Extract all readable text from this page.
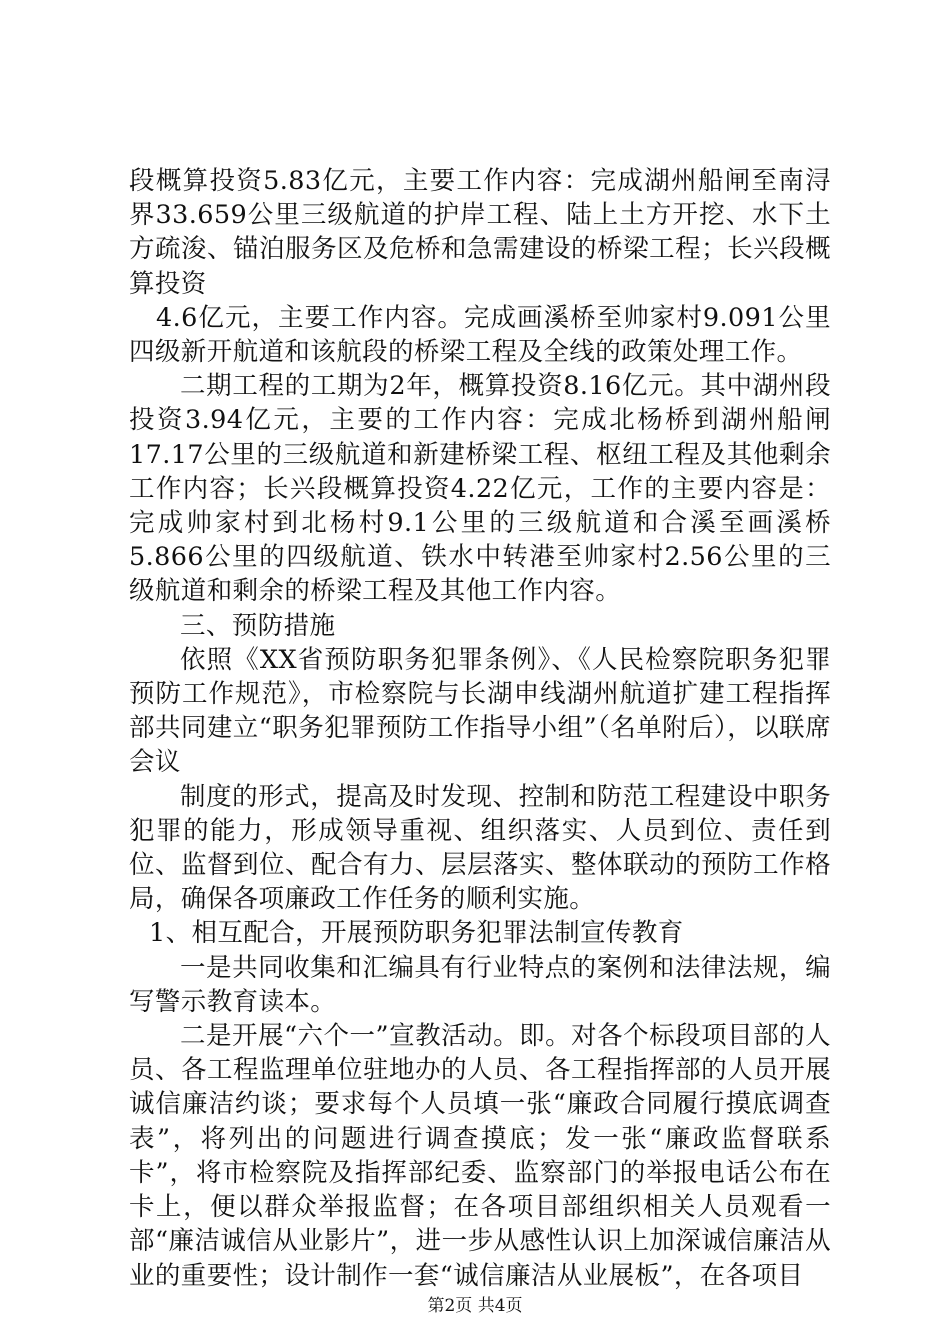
段概算投资5.83亿元，主要工作内容：完成湖州船闸至南浔界33.659公里三级航道的护岸工程、陆上土方开挖、水下土方疏浚、锚泊服务区及危桥和急需建设的桥梁工程；长兴段概算投资

4.6亿元，主要工作内容。完成画溪桥至帅家村9.091公里四级新开航道和该航段的桥梁工程及全线的政策处理工作。

二期工程的工期为2年，概算投资8.16亿元。其中湖州段投资3.94亿元，主要的工作内容：完成北杨桥到湖州船闸17.17公里的三级航道和新建桥梁工程、枢纽工程及其他剩余工作内容；长兴段概算投资4.22亿元，工作的主要内容是：完成帅家村到北杨村9.1公里的三级航道和合溪至画溪桥5.866公里的四级航道、铁水中转港至帅家村2.56公里的三级航道和剩余的桥梁工程及其他工作内容。

三、预防措施

依照《XX省预防职务犯罪条例》、《人民检察院职务犯罪预防工作规范》，市检察院与长湖申线湖州航道扩建工程指挥部共同建立“职务犯罪预防工作指导小组”（名单附后），以联席会议

制度的形式，提高及时发现、控制和防范工程建设中职务犯罪的能力，形成领导重视、组织落实、人员到位、责任到位、监督到位、配合有力、层层落实、整体联动的预防工作格局，确保各项廉政工作任务的顺利实施。

1、相互配合，开展预防职务犯罪法制宣传教育

一是共同收集和汇编具有行业特点的案例和法律法规，编写警示教育读本。

二是开展“六个一”宣教活动。即。对各个标段项目部的人员、各工程监理单位驻地办的人员、各工程指挥部的人员开展诚信廉洁约谈；要求每个人员填一张“廉政合同履行摸底调查表”，将列出的问题进行调查摸底；发一张“廉政监督联系卡”，将市检察院及指挥部纪委、监察部门的举报电话公布在卡上，便以群众举报监督；在各项目部组织相关人员观看一部“廉洁诚信从业影片”，进一步从感性认识上加深诚信廉洁从业的重要性；设计制作一套“诚信廉洁从业展板”，在各项目

第2页 共4页
